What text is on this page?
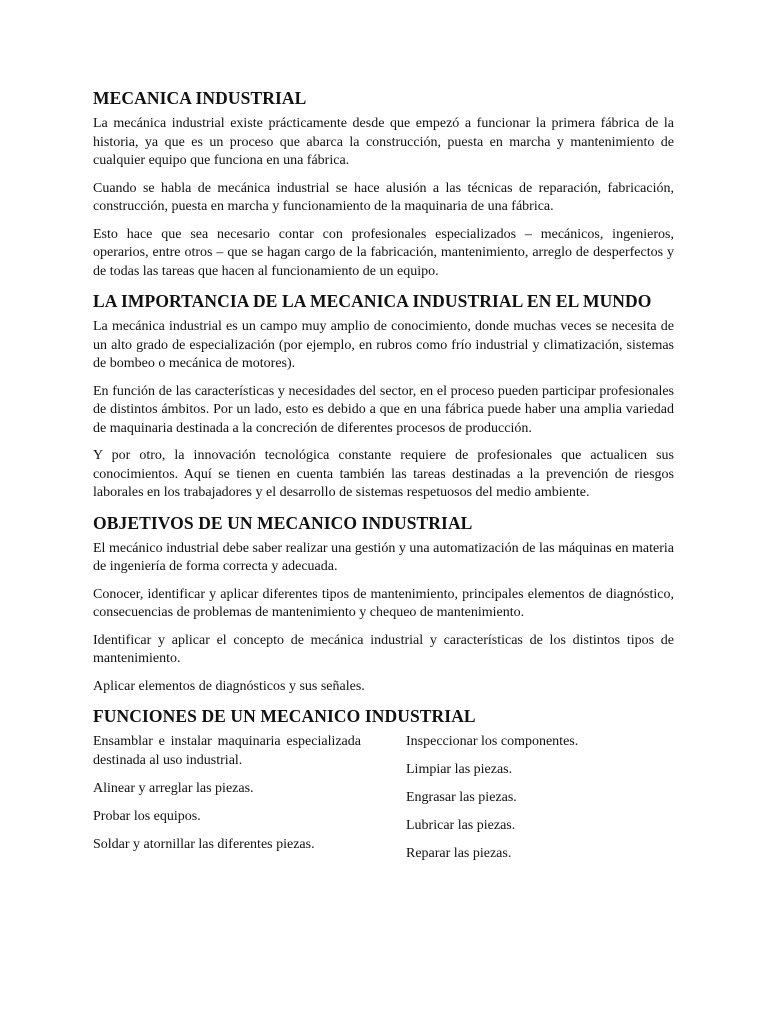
MECANICA INDUSTRIAL

La mecánica industrial existe prácticamente desde que empezó a funcionar la primera fábrica de la historia, ya que es un proceso que abarca la construcción, puesta en marcha y mantenimiento de cualquier equipo que funciona en una fábrica.

Cuando se habla de mecánica industrial se hace alusión a las técnicas de reparación, fabricación, construcción, puesta en marcha y funcionamiento de la maquinaria de una fábrica.

Esto hace que sea necesario contar con profesionales especializados – mecánicos, ingenieros, operarios, entre otros – que se hagan cargo de la fabricación, mantenimiento, arreglo de desperfectos y de todas las tareas que hacen al funcionamiento de un equipo.

LA IMPORTANCIA DE LA MECANICA INDUSTRIAL EN EL MUNDO

La mecánica industrial es un campo muy amplio de conocimiento, donde muchas veces se necesita de un alto grado de especialización (por ejemplo, en rubros como frío industrial y climatización, sistemas de bombeo o mecánica de motores).

En función de las características y necesidades del sector, en el proceso pueden participar profesionales de distintos ámbitos. Por un lado, esto es debido a que en una fábrica puede haber una amplia variedad de maquinaria destinada a la concreción de diferentes procesos de producción.

Y por otro, la innovación tecnológica constante requiere de profesionales que actualicen sus conocimientos. Aquí se tienen en cuenta también las tareas destinadas a la prevención de riesgos laborales en los trabajadores y el desarrollo de sistemas respetuosos del medio ambiente.

OBJETIVOS DE UN MECANICO INDUSTRIAL

El mecánico industrial debe saber realizar una gestión y una automatización de las máquinas en materia de ingeniería de forma correcta y adecuada.

Conocer, identificar y aplicar diferentes tipos de mantenimiento, principales elementos de diagnóstico, consecuencias de problemas de mantenimiento y chequeo de mantenimiento.

Identificar y aplicar el concepto de mecánica industrial y características de los distintos tipos de mantenimiento.

Aplicar elementos de diagnósticos y sus señales.

FUNCIONES DE UN MECANICO INDUSTRIAL

Ensamblar e instalar maquinaria especializada destinada al uso industrial.

Alinear y arreglar las piezas.

Probar los equipos.

Soldar y atornillar las diferentes piezas.

Inspeccionar los componentes.

Limpiar las piezas.

Engrasar las piezas.

Lubricar las piezas.

Reparar las piezas.
